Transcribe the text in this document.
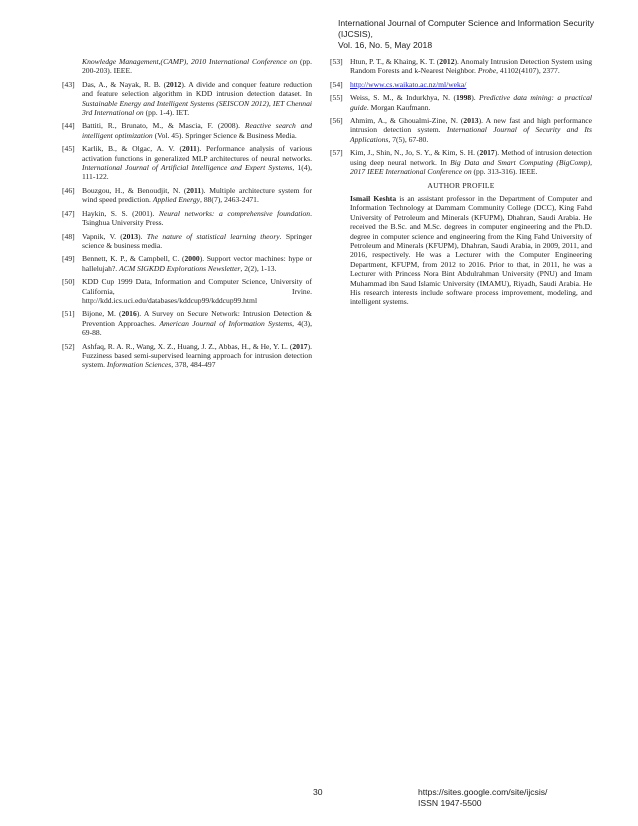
International Journal of Computer Science and Information Security (IJCSIS),
Vol. 16, No. 5, May 2018
Knowledge Management,(CAMP), 2010 International Conference on (pp. 200-203). IEEE.
[43] Das, A., & Nayak, R. B. (2012). A divide and conquer feature reduction and feature selection algorithm in KDD intrusion detection dataset. In Sustainable Energy and Intelligent Systems (SEISCON 2012), IET Chennai 3rd International on (pp. 1-4). IET.
[44] Battiti, R., Brunato, M., & Mascia, F. (2008). Reactive search and intelligent optimization (Vol. 45). Springer Science & Business Media.
[45] Karlik, B., & Olgac, A. V. (2011). Performance analysis of various activation functions in generalized MLP architectures of neural networks. International Journal of Artificial Intelligence and Expert Systems, 1(4), 111-122.
[46] Bouzgou, H., & Benoudjit, N. (2011). Multiple architecture system for wind speed prediction. Applied Energy, 88(7), 2463-2471.
[47] Haykin, S. S. (2001). Neural networks: a comprehensive foundation. Tsinghua University Press.
[48] Vapnik, V. (2013). The nature of statistical learning theory. Springer science & business media.
[49] Bennett, K. P., & Campbell, C. (2000). Support vector machines: hype or hallelujah?. ACM SIGKDD Explorations Newsletter, 2(2), 1-13.
[50] KDD Cup 1999 Data, Information and Computer Science, University of California, Irvine. http://kdd.ics.uci.edu/databases/kddcup99/kddcup99.html
[51] Bijone, M. (2016). A Survey on Secure Network: Intrusion Detection & Prevention Approaches. American Journal of Information Systems, 4(3), 69-88.
[52] Ashfaq, R. A. R., Wang, X. Z., Huang, J. Z., Abbas, H., & He, Y. L. (2017). Fuzziness based semi-supervised learning approach for intrusion detection system. Information Sciences, 378, 484-497
[53] Htun, P. T., & Khaing, K. T. (2012). Anomaly Intrusion Detection System using Random Forests and k-Nearest Neighbor. Probe, 41102(4107), 2377.
[54] http://www.cs.waikato.ac.nz/ml/weka/
[55] Weiss, S. M., & Indurkhya, N. (1998). Predictive data mining: a practical guide. Morgan Kaufmann.
[56] Ahmim, A., & Ghoualmi-Zine, N. (2013). A new fast and high performance intrusion detection system. International Journal of Security and Its Applications, 7(5), 67-80.
[57] Kim, J., Shin, N., Jo, S. Y., & Kim, S. H. (2017). Method of intrusion detection using deep neural network. In Big Data and Smart Computing (BigComp), 2017 IEEE International Conference on (pp. 313-316). IEEE.
AUTHOR PROFILE
Ismail Keshta is an assistant professor in the Department of Computer and Information Technology at Dammam Community College (DCC), King Fahd University of Petroleum and Minerals (KFUPM), Dhahran, Saudi Arabia. He received the B.Sc. and M.Sc. degrees in computer engineering and the Ph.D. degree in computer science and engineering from the King Fahd University of Petroleum and Minerals (KFUPM), Dhahran, Saudi Arabia, in 2009, 2011, and 2016, respectively. He was a Lecturer with the Computer Engineering Department, KFUPM, from 2012 to 2016. Prior to that, in 2011, he was a Lecturer with Princess Nora Bint Abdulrahman University (PNU) and Imam Muhammad ibn Saud Islamic University (IMAMU), Riyadh, Saudi Arabia. He His research interests include software process improvement, modeling, and intelligent systems.
30	https://sites.google.com/site/ijcsis/
ISSN 1947-5500
